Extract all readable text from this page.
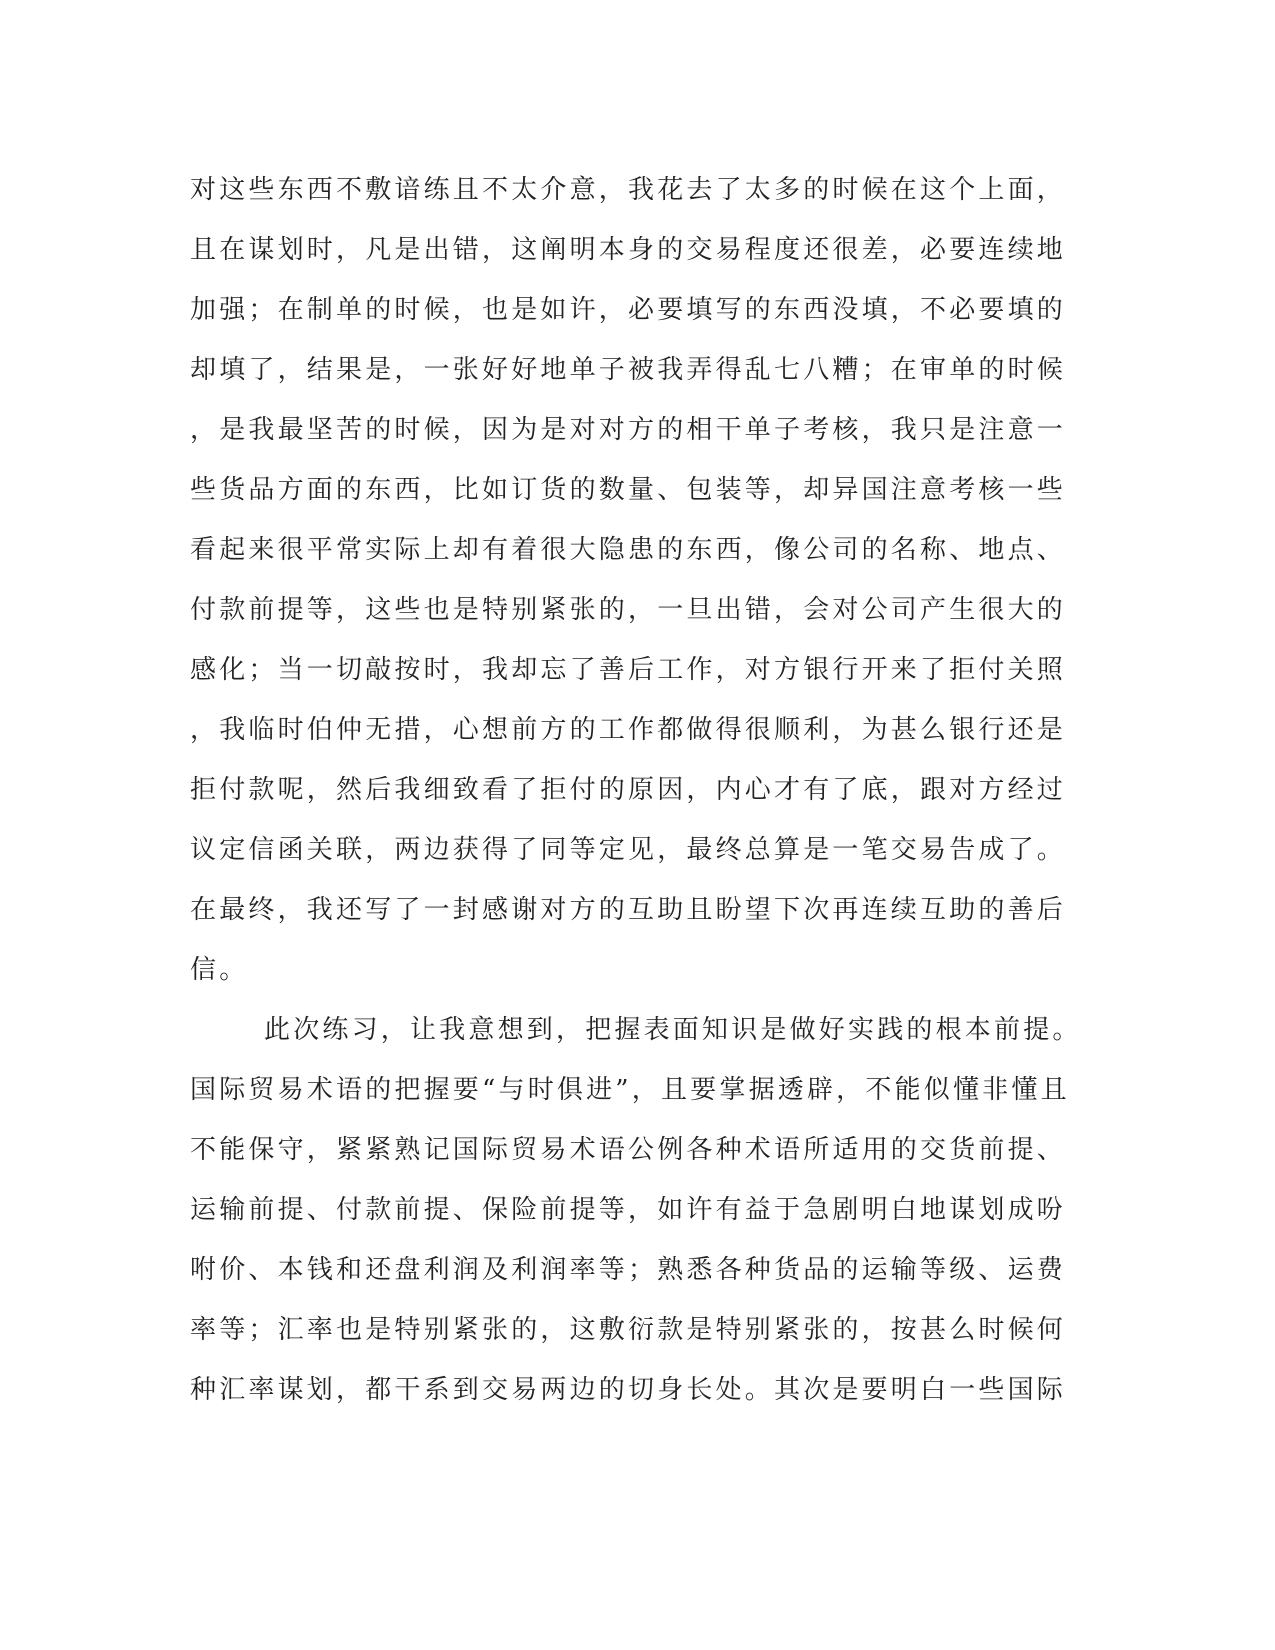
对这些东西不敷谙练且不太介意，我花去了太多的时候在这个上面，
且在谋划时，凡是出错，这阐明本身的交易程度还很差，必要连续地
加强；在制单的时候，也是如许，必要填写的东西没填，不必要填的
却填了，结果是，一张好好地单子被我弄得乱七八糟；在审单的时候
，是我最坚苦的时候，因为是对对方的相干单子考核，我只是注意一
些货品方面的东西，比如订货的数量、包装等，却异国注意考核一些
看起来很平常实际上却有着很大隐患的东西，像公司的名称、地点、
付款前提等，这些也是特别紧张的，一旦出错，会对公司产生很大的
感化；当一切敲按时，我却忘了善后工作，对方银行开来了拒付关照
，我临时伯仲无措，心想前方的工作都做得很顺利，为甚么银行还是
拒付款呢，然后我细致看了拒付的原因，内心才有了底，跟对方经过
议定信函关联，两边获得了同等定见，最终总算是一笔交易告成了。
在最终，我还写了一封感谢对方的互助且盼望下次再连续互助的善后
信。
此次练习，让我意想到，把握表面知识是做好实践的根本前提。
国际贸易术语的把握要“与时俱进”，且要掌据透辟，不能似懂非懂且
不能保守，紧紧熟记国际贸易术语公例各种术语所适用的交货前提、
运输前提、付款前提、保险前提等，如许有益于急剧明白地谋划成吩
咐价、本钱和还盘利润及利润率等；熟悉各种货品的运输等级、运费
率等；汇率也是特别紧张的，这敷衍款是特别紧张的，按甚么时候何
种汇率谋划，都干系到交易两边的切身长处。其次是要明白一些国际
